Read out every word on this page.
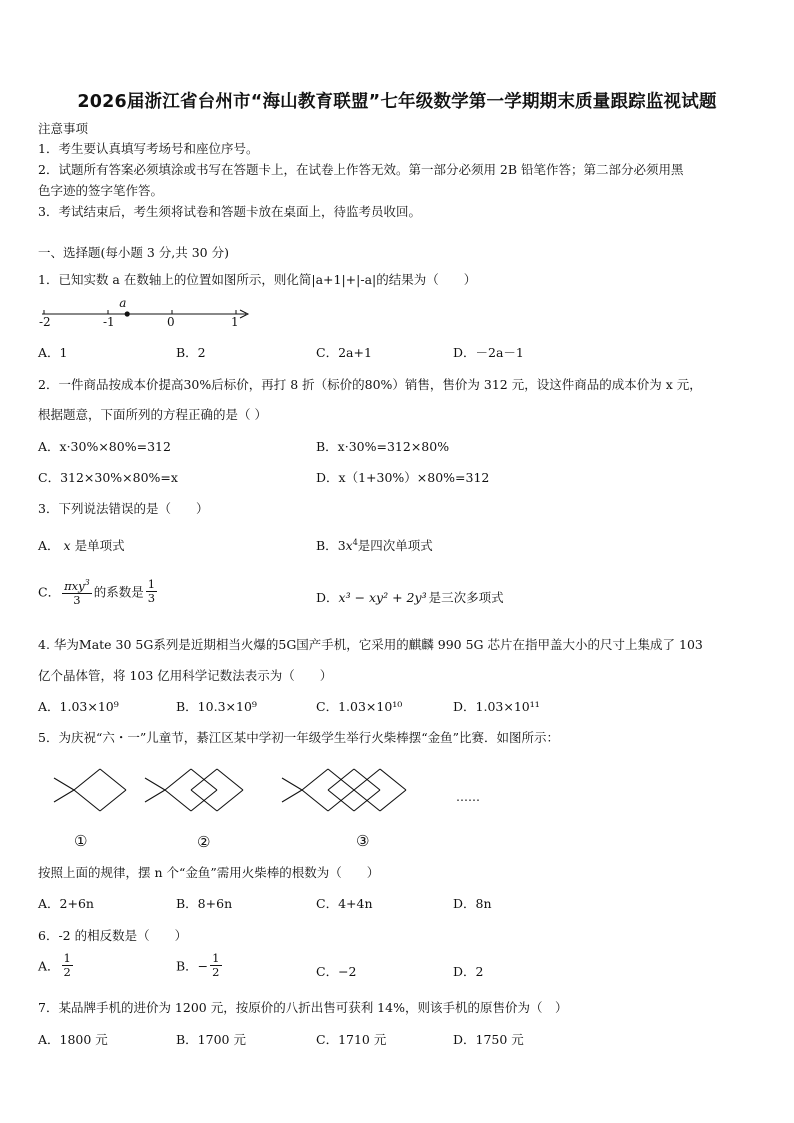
2026届浙江省台州市“海山教育联盟”七年级数学第一学期期末质量跟踪监视试题
注意事项
1．考生要认真填写考场号和座位序号。
2．试题所有答案必须填涂或书写在答题卡上，在试卷上作答无效。第一部分必须用 2B 铅笔作答；第二部分必须用黑
色字迹的签字笔作答。
3．考试结束后，考生须将试卷和答题卡放在桌面上，待监考员收回。
一、选择题(每小题 3 分,共 30 分)
1．已知实数 a 在数轴上的位置如图所示，则化简|a+1|+|-a|的结果为（　　）
a
-2	-1	0	1
A．1	B．2	C．2a+1	D．－2a－1
2．一件商品按成本价提高30%后标价，再打 8 折（标价的80%）销售，售价为 312 元，设这件商品的成本价为 x 元，
根据题意，下面所列的方程正确的是（ ）
A．x·30%×80%=312	B．x·30%=312×80%
C．312×30%×80%=x	D．x（1+30%）×80%=312
3．下列说法错误的是（　　）
A． x 是单项式	B．$3x^4$是四次单项式
C． $\frac{\pi xy^3}{3}$ 的系数是 $\frac{1}{3}$	D．x³ − xy² + 2y³ 是三次多项式
4. 华为Mate 30 5G系列是近期相当火爆的5G国产手机，它采用的麒麟 990 5G 芯片在指甲盖大小的尺寸上集成了 103
亿个晶体管，将 103 亿用科学记数法表示为（　　）
A．1.03×10⁹	B．10.3×10⁹	C．1.03×10¹⁰	D．1.03×10¹¹
5．为庆祝“六・一”儿童节，綦江区某中学初一年级学生举行火柴棒摆“金鱼”比赛．如图所示：
……
①	②	③
按照上面的规律，摆 n 个“金鱼”需用火柴棒的根数为（　　）
A．2+6n	B．8+6n	C．4+4n	D．8n
6．-2 的相反数是（　　）
A． $\frac{1}{2}$	B．− $\frac{1}{2}$	C．−2	D．2
7．某品牌手机的进价为 1200 元，按原价的八折出售可获利 14%，则该手机的原售价为（　）
A．1800 元	B．1700 元	C．1710 元	D．1750 元
